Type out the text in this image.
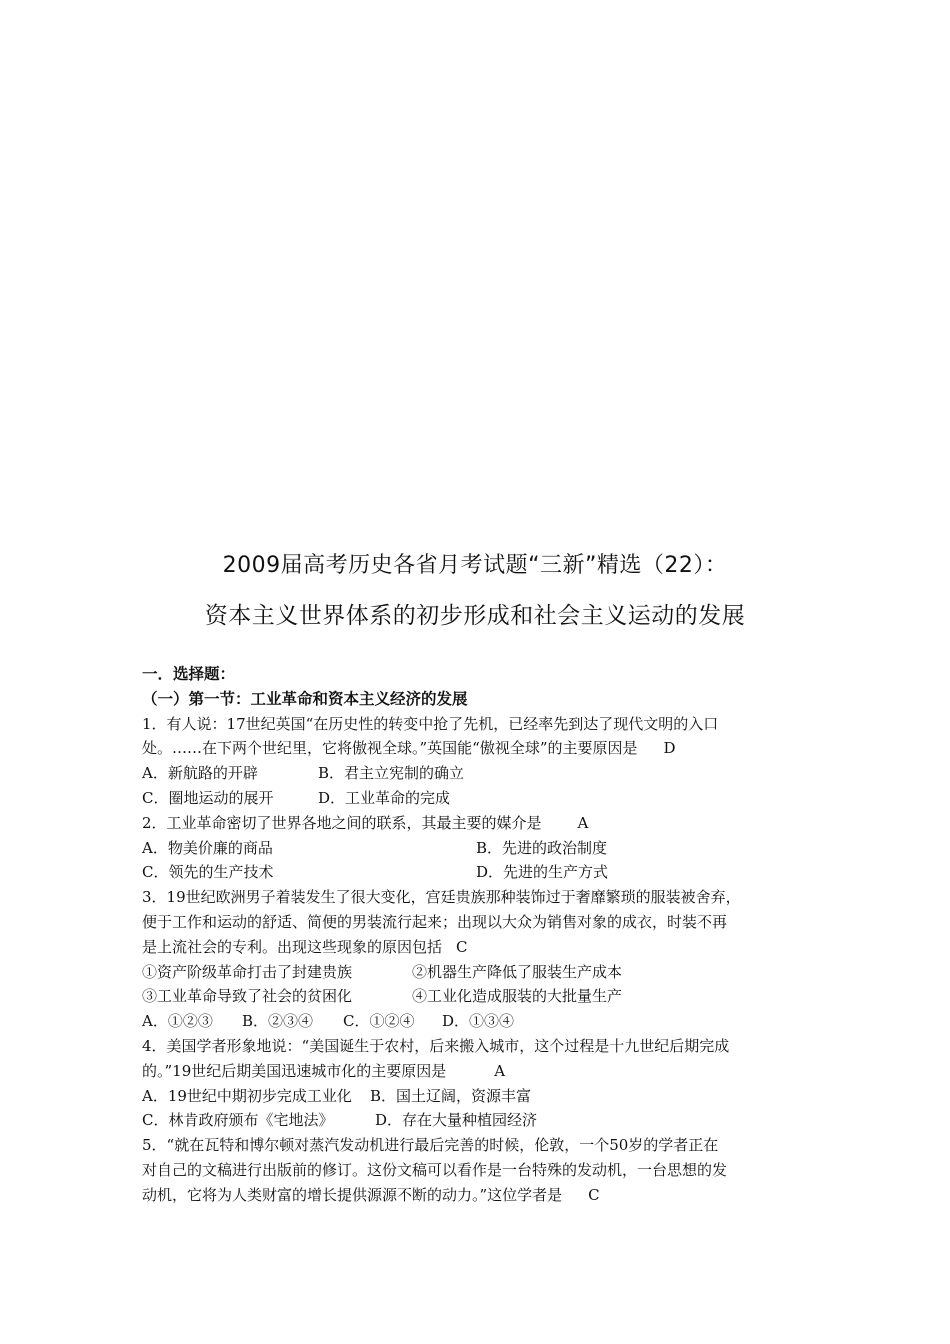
2009届高考历史各省月考试题“三新”精选（22）：
资本主义世界体系的初步形成和社会主义运动的发展
一．选择题：
（一）第一节：工业革命和资本主义经济的发展
1．有人说：17世纪英国“在历史性的转变中抢了先机，已经率先到达了现代文明的入口
处。……在下两个世纪里，它将傲视全球。”英国能“傲视全球”的主要原因是 D
A．新航路的开辟	B．君主立宪制的确立
C．圈地运动的展开	D．工业革命的完成
2．工业革命密切了世界各地之间的联系，其最主要的媒介是 A
A．物美价廉的商品	B．先进的政治制度
C．领先的生产技术	D．先进的生产方式
3．19世纪欧洲男子着装发生了很大变化，宫廷贵族那种装饰过于奢靡繁琐的服装被舍弃，
便于工作和运动的舒适、简便的男装流行起来；出现以大众为销售对象的成衣，时装不再
是上流社会的专利。出现这些现象的原因包括 C
①资产阶级革命打击了封建贵族	②机器生产降低了服装生产成本
③工业革命导致了社会的贫困化	④工业化造成服装的大批量生产
A．①②③ B．②③④ C．①②④ D．①③④
4．美国学者形象地说：“美国诞生于农村，后来搬入城市，这个过程是十九世纪后期完成
的。”19世纪后期美国迅速城市化的主要原因是	A
A．19世纪中期初步完成工业化 B．国土辽阔，资源丰富
C．林肯政府颁布《宅地法》	D．存在大量种植园经济
5．“就在瓦特和博尔顿对蒸汽发动机进行最后完善的时候，伦敦，一个50岁的学者正在
对自己的文稿进行出版前的修订。这份文稿可以看作是一台特殊的发动机，一台思想的发
动机，它将为人类财富的增长提供源源不断的动力。”这位学者是 C
